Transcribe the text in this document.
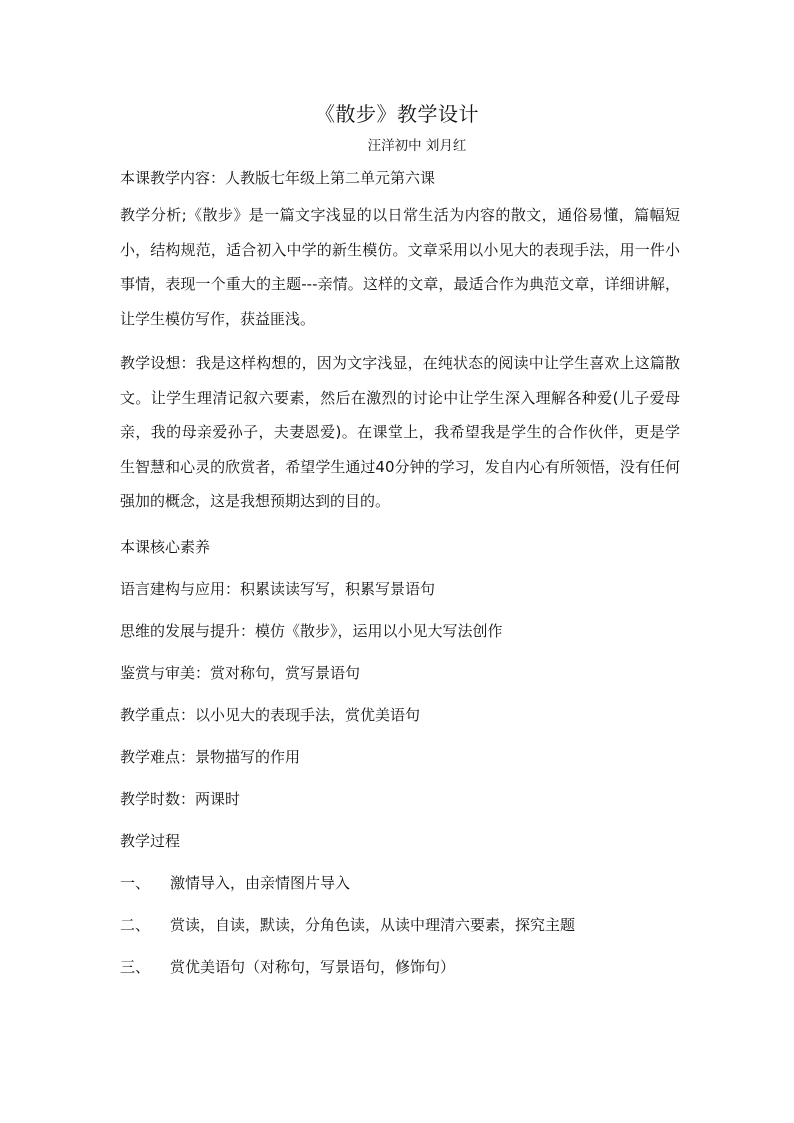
《散步》教学设计
汪洋初中 刘月红

本课教学内容：人教版七年级上第二单元第六课

教学分析;《散步》是一篇文字浅显的以日常生活为内容的散文，通俗易懂，篇幅短小，结构规范，适合初入中学的新生模仿。文章采用以小见大的表现手法，用一件小事情，表现一个重大的主题---亲情。这样的文章，最适合作为典范文章，详细讲解，让学生模仿写作，获益匪浅。

教学设想：我是这样构想的，因为文字浅显，在纯状态的阅读中让学生喜欢上这篇散文。让学生理清记叙六要素，然后在激烈的讨论中让学生深入理解各种爱(儿子爱母亲，我的母亲爱孙子，夫妻恩爱)。在课堂上，我希望我是学生的合作伙伴，更是学生智慧和心灵的欣赏者，希望学生通过40分钟的学习，发自内心有所领悟，没有任何强加的概念，这是我想预期达到的目的。

本课核心素养

语言建构与应用：积累读读写写，积累写景语句

思维的发展与提升：模仿《散步》，运用以小见大写法创作

鉴赏与审美：赏对称句，赏写景语句

教学重点：以小见大的表现手法，赏优美语句

教学难点：景物描写的作用

教学时数：两课时

教学过程

一、	激情导入，由亲情图片导入
二、	赏读，自读，默读，分角色读，从读中理清六要素，探究主题
三、	赏优美语句（对称句，写景语句，修饰句）
